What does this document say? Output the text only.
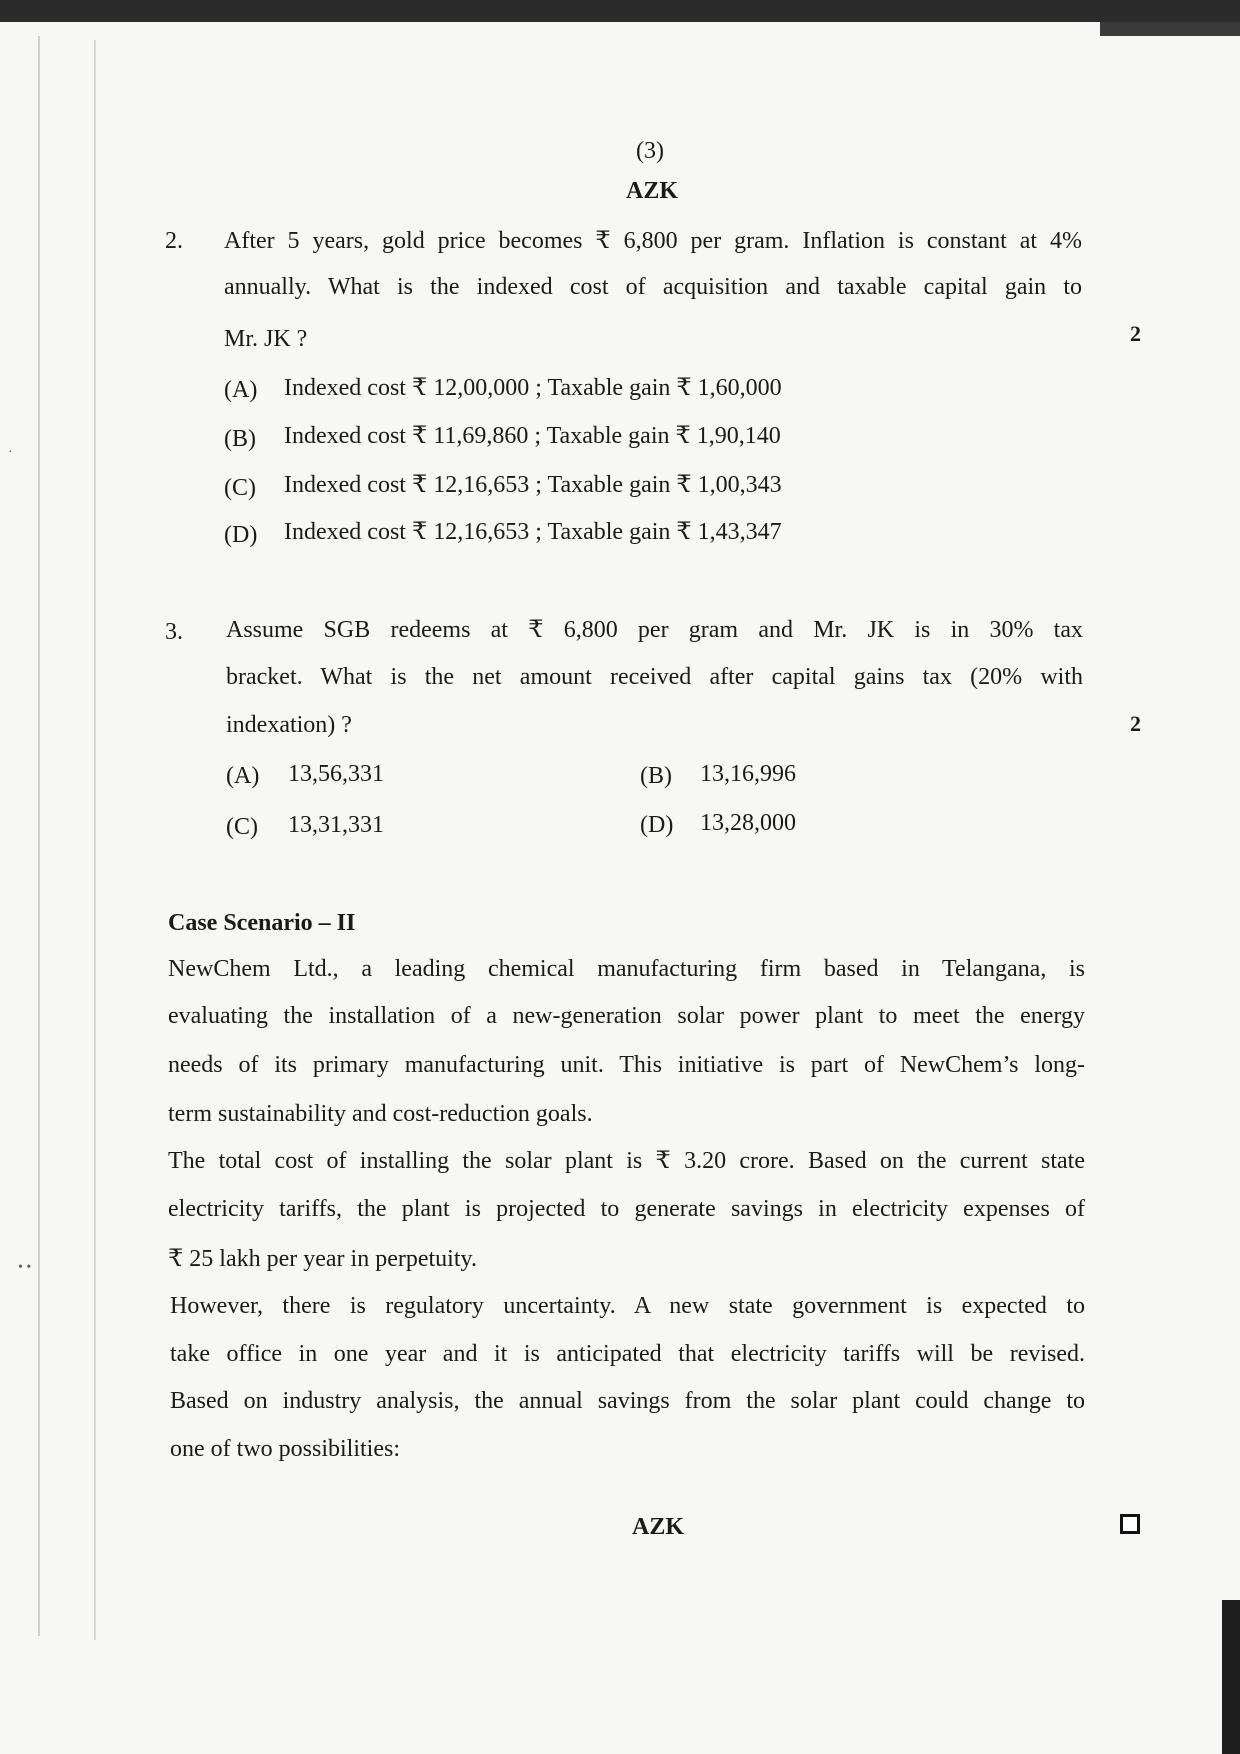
• •
·
(3)
AZK
2. After 5 years, gold price becomes ₹ 6,800 per gram. Inflation is constant at 4%
annually. What is the indexed cost of acquisition and taxable capital gain to
Mr. JK ?	2
(A) Indexed cost ₹ 12,00,000 ; Taxable gain ₹ 1,60,000
(B) Indexed cost ₹ 11,69,860 ; Taxable gain ₹ 1,90,140
(C) Indexed cost ₹ 12,16,653 ; Taxable gain ₹ 1,00,343
(D) Indexed cost ₹ 12,16,653 ; Taxable gain ₹ 1,43,347
3. Assume SGB redeems at ₹ 6,800 per gram and Mr. JK is in 30% tax
bracket. What is the net amount received after capital gains tax (20% with
indexation) ?	2
(A) 13,56,331	(B) 13,16,996
(C) 13,31,331	(D) 13,28,000
Case Scenario – II
NewChem Ltd., a leading chemical manufacturing firm based in Telangana, is
evaluating the installation of a new-generation solar power plant to meet the energy
needs of its primary manufacturing unit. This initiative is part of NewChem’s long-
term sustainability and cost-reduction goals.
The total cost of installing the solar plant is ₹ 3.20 crore. Based on the current state
electricity tariffs, the plant is projected to generate savings in electricity expenses of
₹ 25 lakh per year in perpetuity.
However, there is regulatory uncertainty. A new state government is expected to
take office in one year and it is anticipated that electricity tariffs will be revised.
Based on industry analysis, the annual savings from the solar plant could change to
one of two possibilities:
AZK
